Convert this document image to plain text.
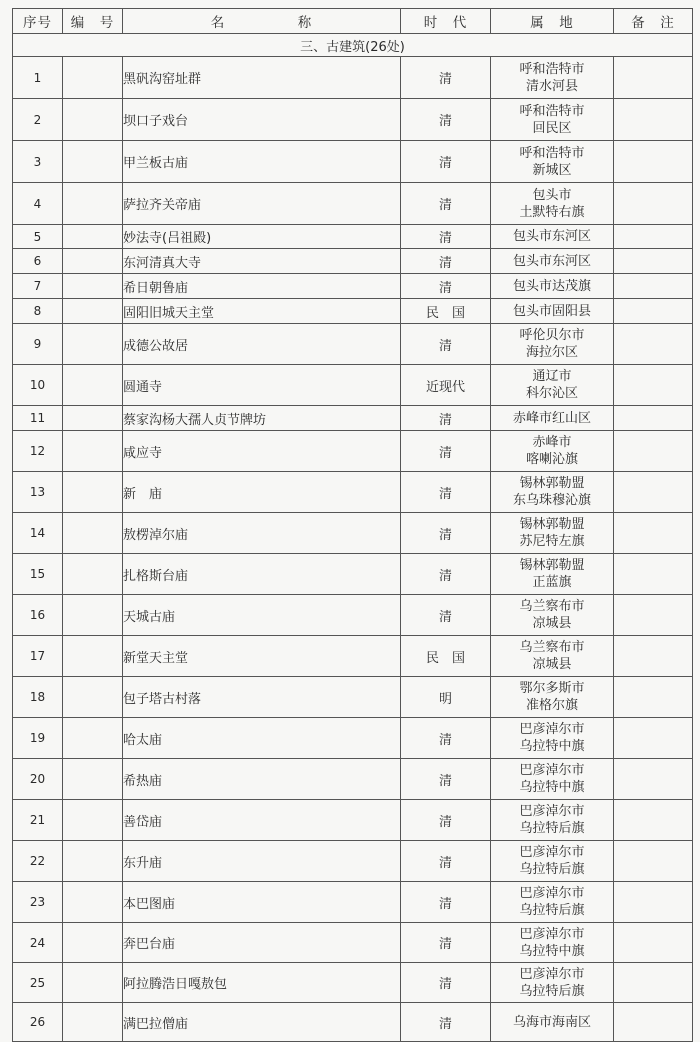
序号	编　号	名　　　　　称	时　代	属　地	备　注
三、古建筑(26处)					
1		黑矾沟窑址群	清	呼和浩特市
清水河县	

2		坝口子戏台	清	呼和浩特市
回民区	

3		甲兰板古庙	清	呼和浩特市
新城区	

4		萨拉齐关帝庙	清	包头市
土默特右旗	

5		妙法寺(吕祖殿)	清	包头市东河区	

6		东河清真大寺	清	包头市东河区	

7		希日朝鲁庙	清	包头市达茂旗	

8		固阳旧城天主堂	民　国	包头市固阳县	

9		成德公故居	清	呼伦贝尔市
海拉尔区	

10		圆通寺	近现代	通辽市
科尔沁区	

11		蔡家沟杨大孺人贞节牌坊	清	赤峰市红山区	

12		咸应寺	清	赤峰市
喀喇沁旗	

13		新　庙	清	锡林郭勒盟
东乌珠穆沁旗	

14		敖楞淖尔庙	清	锡林郭勒盟
苏尼特左旗	

15		扎格斯台庙	清	锡林郭勒盟
正蓝旗	

16		天城古庙	清	乌兰察布市
凉城县	

17		新堂天主堂	民　国	乌兰察布市
凉城县	

18		包子塔古村落	明	鄂尔多斯市
准格尔旗	

19		哈太庙	清	巴彦淖尔市
乌拉特中旗	

20		希热庙	清	巴彦淖尔市
乌拉特中旗	

21		善岱庙	清	巴彦淖尔市
乌拉特后旗	

22		东升庙	清	巴彦淖尔市
乌拉特后旗	

23		本巴图庙	清	巴彦淖尔市
乌拉特后旗	

24		奔巴台庙	清	巴彦淖尔市
乌拉特中旗	

25		阿拉腾浩日嘎敖包	清	巴彦淖尔市
乌拉特后旗	

26		满巴拉僧庙	清	乌海市海南区	
